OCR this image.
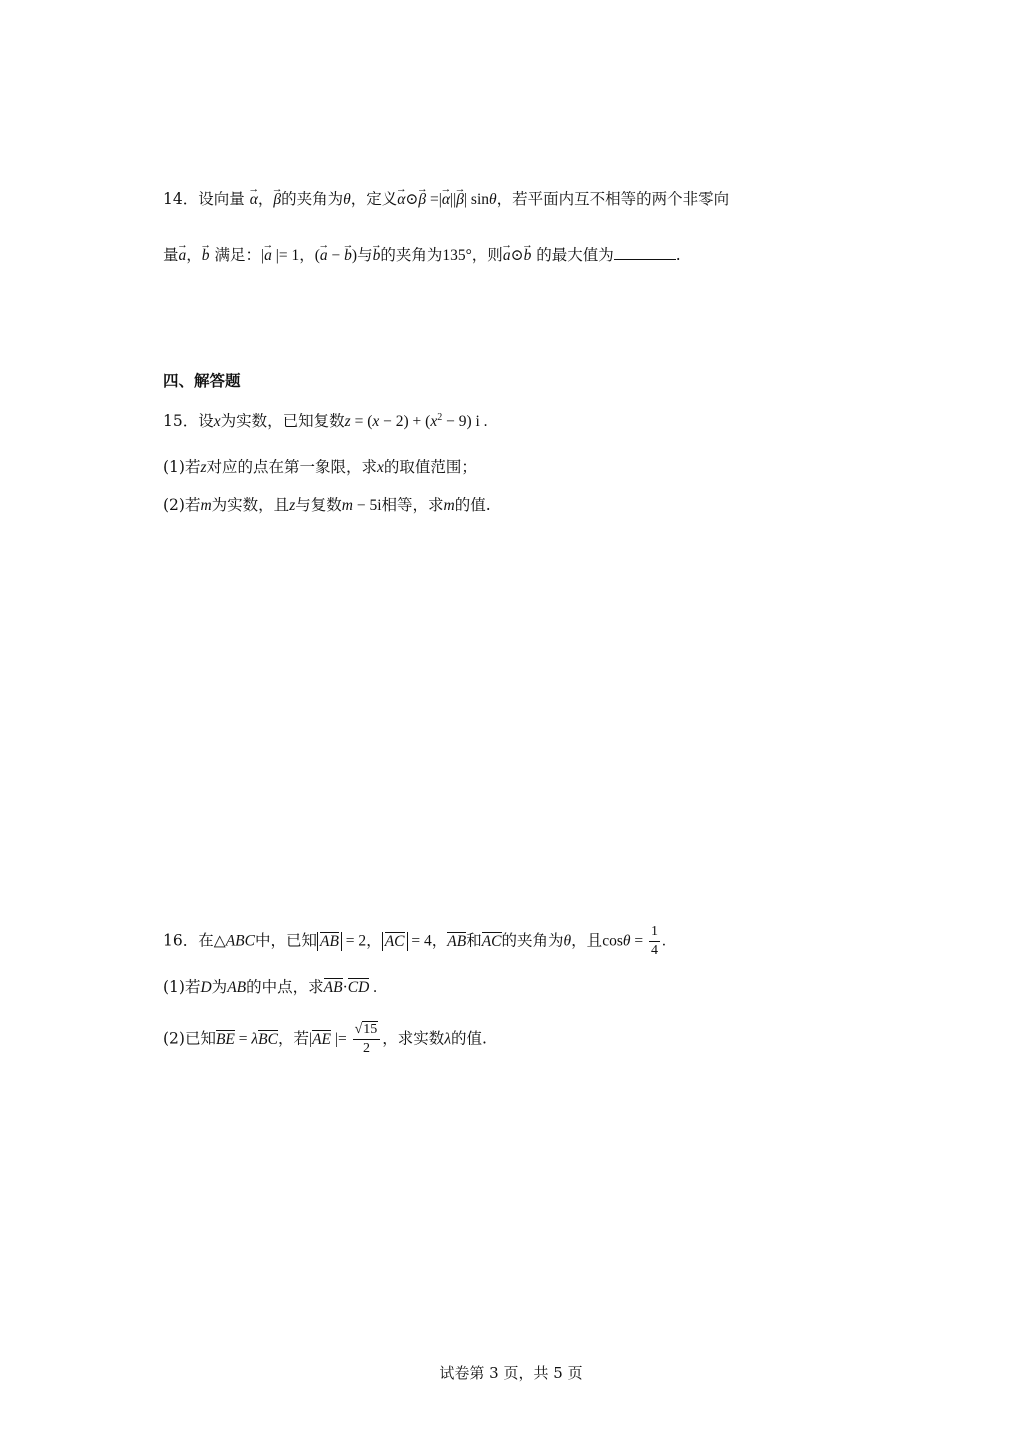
14．设向量 → α，→ β的夹角为θ，定义→ α⊙→ β =|→ α||→ β| sinθ，若平面内互不相等的两个非零向
量→ a，→ b 满足：|→ a |= 1，(→ a − → b)与→ b的夹角为135°，则→ a⊙→ b 的最大值为	.
四、解答题
15．设x为实数，已知复数$z = (x - 2) + (x^2 - 9)$ i .
(1)若z对应的点在第一象限，求x的取值范围；
(2)若m为实数，且z与复数m − 5i相等，求m的值.
16．在△ABC中，已知 AB = 2， AC = 4，AB和AC的夹角为θ，且$\cos\theta = \frac{1}{4}$ .
(1)若D为AB的中点，求AB·CD .
(2)已知BE = λBC，若|AE |= $\frac{√15}{2}$ ，求实数λ的值.
试卷第 3 页，共 5 页
